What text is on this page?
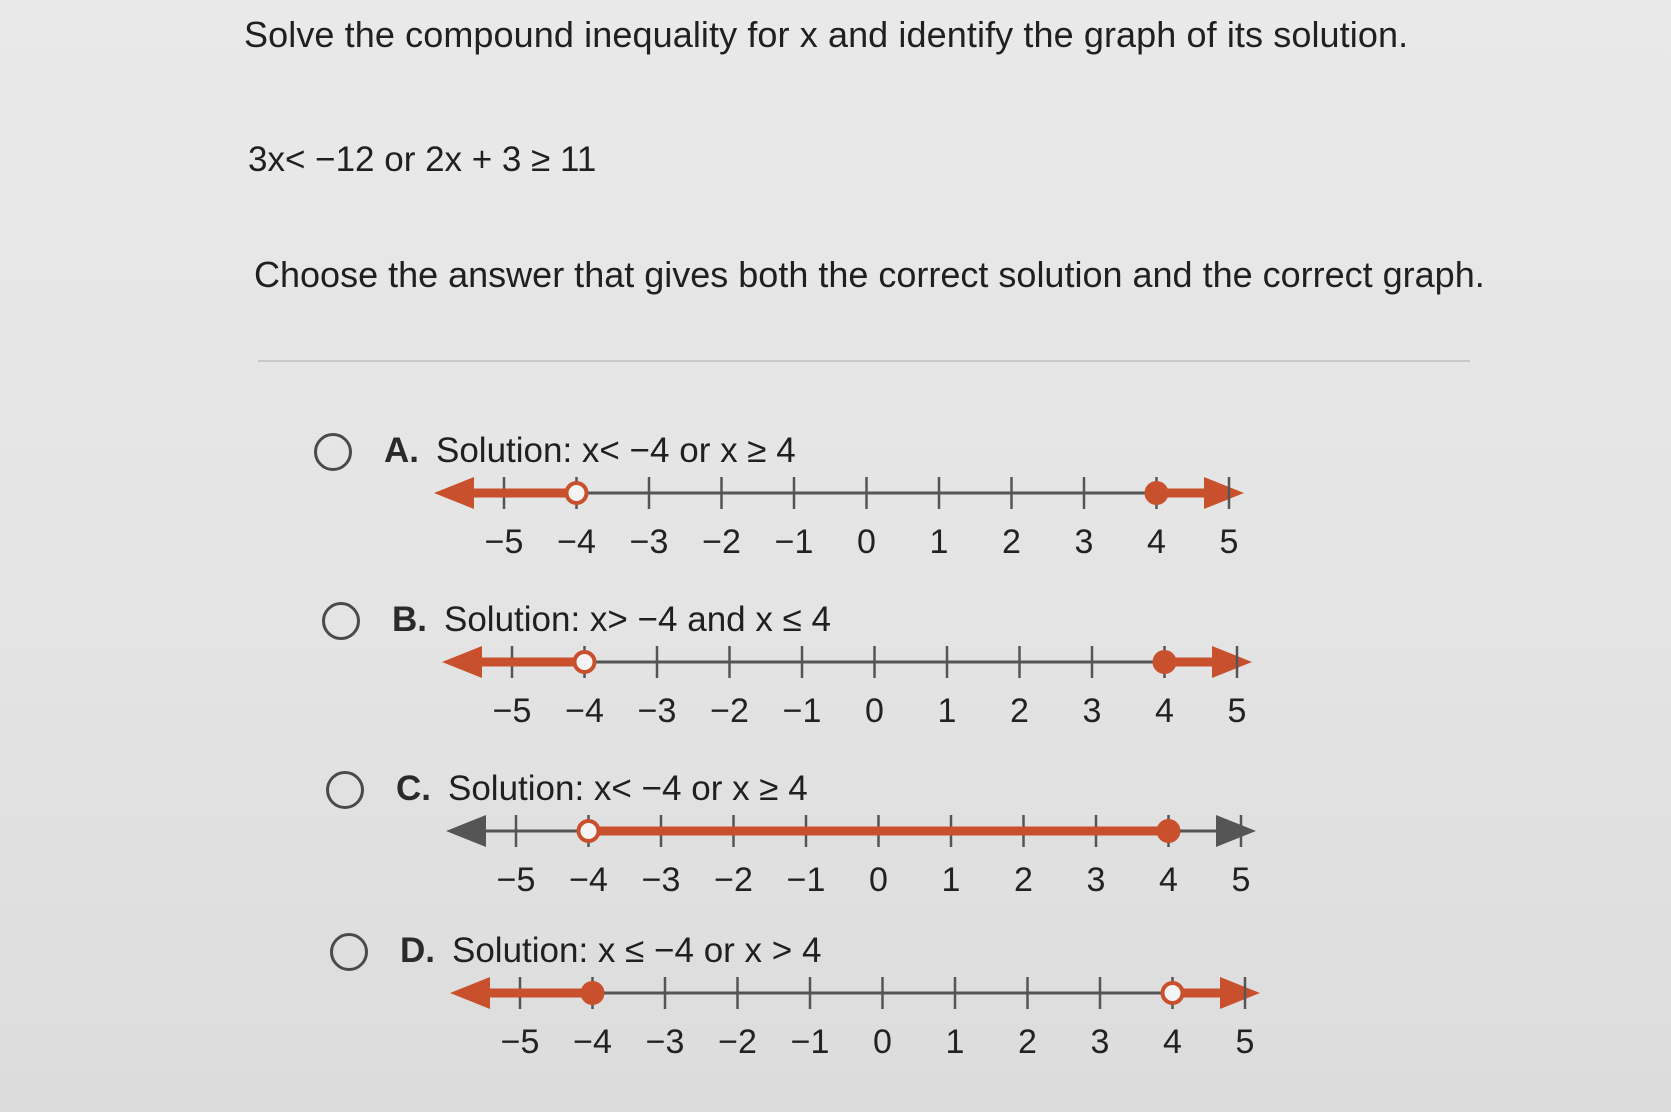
Solve the compound inequality for x and identify the graph of its solution.
3x< −12 or 2x + 3 ≥ 11
Choose the answer that gives both the correct solution and the correct graph.
A. Solution: x< −4 or x ≥ 4
−5 −4 −3 −2 −1 0 1 2 3 4 5
B. Solution: x> −4 and x ≤ 4
−5 −4 −3 −2 −1 0 1 2 3 4 5
C. Solution: x< −4 or x ≥ 4
−5 −4 −3 −2 −1 0 1 2 3 4 5
D. Solution: x ≤ −4 or x > 4
−5 −4 −3 −2 −1 0 1 2 3 4 5
